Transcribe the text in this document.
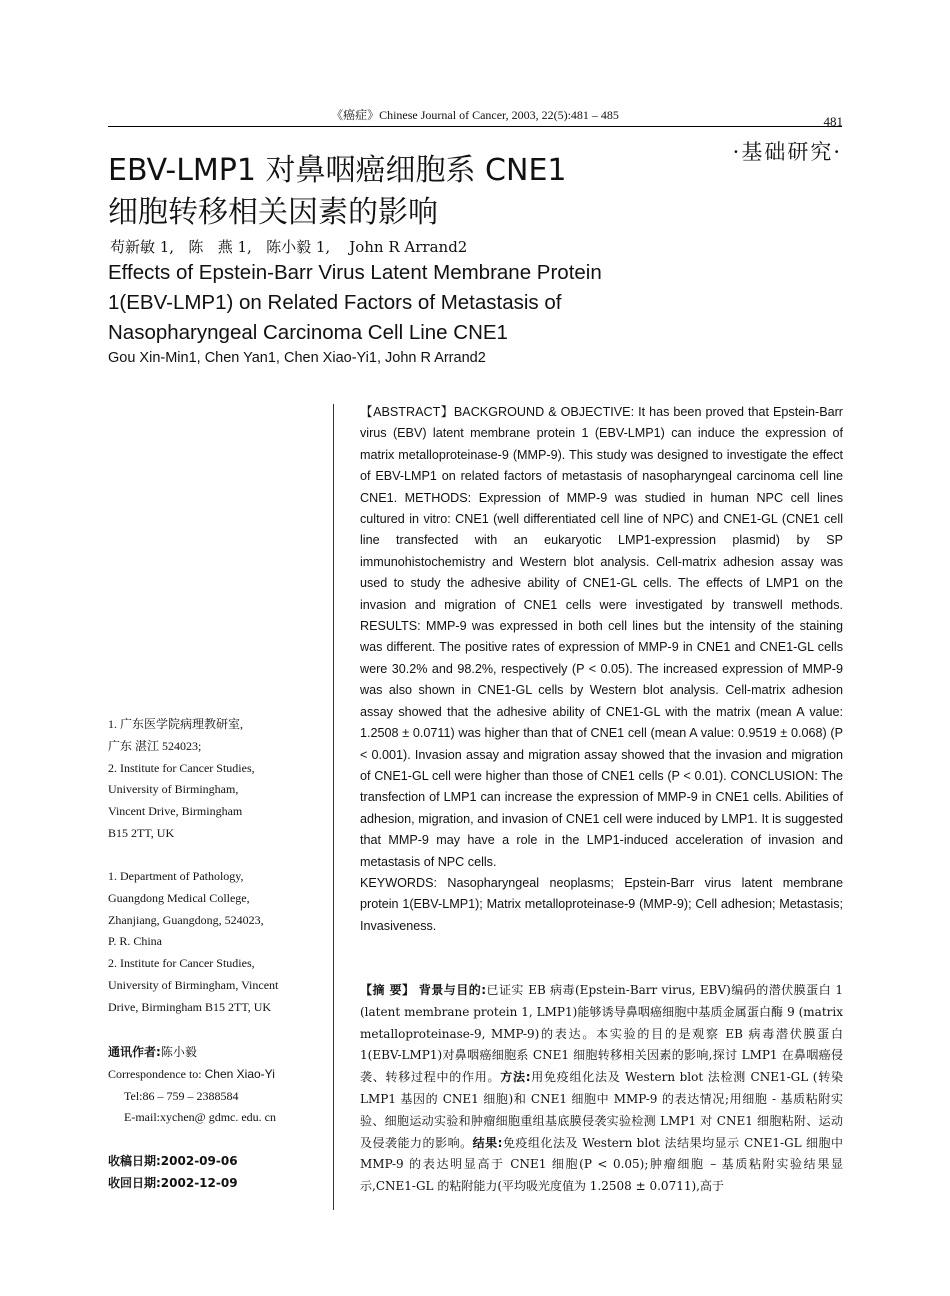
《癌症》Chinese Journal of Cancer, 2003, 22(5):481 – 485	481
·基础研究·
EBV-LMP1 对鼻咽癌细胞系 CNE1
细胞转移相关因素的影响
苟新敏 1,   陈   燕 1,   陈小毅 1,    John R Arrand2
Effects of Epstein-Barr Virus Latent Membrane Protein
1(EBV-LMP1) on Related Factors of Metastasis of
Nasopharyngeal Carcinoma Cell Line CNE1
Gou Xin-Min1, Chen Yan1, Chen Xiao-Yi1, John R Arrand2

【ABSTRACT】BACKGROUND & OBJECTIVE: It has been proved that Epstein-Barr virus (EBV) latent membrane protein 1 (EBV-LMP1) can induce the expression of matrix metalloproteinase-9 (MMP-9). This study was designed to investigate the effect of EBV-LMP1 on related factors of metastasis of nasopharyngeal carcinoma cell line CNE1. METHODS: Expression of MMP-9 was studied in human NPC cell lines cultured in vitro: CNE1 (well differentiated cell line of NPC) and CNE1-GL (CNE1 cell line transfected with an eukaryotic LMP1-expression plasmid) by SP immunohistochemistry and Western blot analysis. Cell-matrix adhesion assay was used to study the adhesive ability of CNE1-GL cells. The effects of LMP1 on the invasion and migration of CNE1 cells were investigated by transwell methods. RESULTS: MMP-9 was expressed in both cell lines but the intensity of the staining was different. The positive rates of expression of MMP-9 in CNE1 and CNE1-GL cells were 30.2% and 98.2%, respectively (P < 0.05). The increased expression of MMP-9 was also shown in CNE1-GL cells by Western blot analysis. Cell-matrix adhesion assay showed that the adhesive ability of CNE1-GL with the matrix (mean A value: 1.2508 ± 0.0711) was higher than that of CNE1 cell (mean A value: 0.9519 ± 0.068) (P < 0.001). Invasion assay and migration assay showed that the invasion and migration of CNE1-GL cell were higher than those of CNE1 cells (P < 0.01). CONCLUSION: The transfection of LMP1 can increase the expression of MMP-9 in CNE1 cells. Abilities of adhesion, migration, and invasion of CNE1 cell were induced by LMP1. It is suggested that MMP-9 may have a role in the LMP1-induced acceleration of invasion and metastasis of NPC cells.

KEYWORDS: Nasopharyngeal neoplasms; Epstein-Barr virus latent membrane protein 1(EBV-LMP1); Matrix metalloproteinase-9 (MMP-9); Cell adhesion; Metastasis; Invasiveness.

【摘 要】 背景与目的:已证实 EB 病毒(Epstein-Barr virus, EBV)编码的潜伏膜蛋白 1 (latent membrane protein 1, LMP1)能够诱导鼻咽癌细胞中基质金属蛋白酶 9 (matrix metalloproteinase-9, MMP-9)的表达。本实验的目的是观察 EB 病毒潜伏膜蛋白 1(EBV-LMP1)对鼻咽癌细胞系 CNE1 细胞转移相关因素的影响,探讨 LMP1 在鼻咽癌侵袭、转移过程中的作用。方法:用免疫组化法及 Western blot 法检测 CNE1-GL (转染 LMP1 基因的 CNE1 细胞)和 CNE1 细胞中 MMP-9 的表达情况;用细胞 - 基质粘附实验、细胞运动实验和肿瘤细胞重组基底膜侵袭实验检测 LMP1 对 CNE1 细胞粘附、运动及侵袭能力的影响。结果:免疫组化法及 Western blot 法结果均显示 CNE1-GL 细胞中 MMP-9 的表达明显高于 CNE1 细胞(P < 0.05);肿瘤细胞 – 基质粘附实验结果显示,CNE1-GL 的粘附能力(平均吸光度值为 1.2508 ± 0.0711),高于

1. 广东医学院病理教研室,
广东 湛江 524023;
2. Institute for Cancer Studies,
University of Birmingham,
Vincent Drive, Birmingham
B15 2TT, UK
1. Department of Pathology,
Guangdong Medical College,
Zhanjiang, Guangdong, 524023,
P. R. China
2. Institute for Cancer Studies,
University of Birmingham, Vincent
Drive, Birmingham B15 2TT, UK
通讯作者:陈小毅
Correspondence to: Chen Xiao-Yi
Tel:86 – 759 – 2388584
E-mail:xychen@ gdmc. edu. cn
收稿日期:2002-09-06
收回日期:2002-12-09
